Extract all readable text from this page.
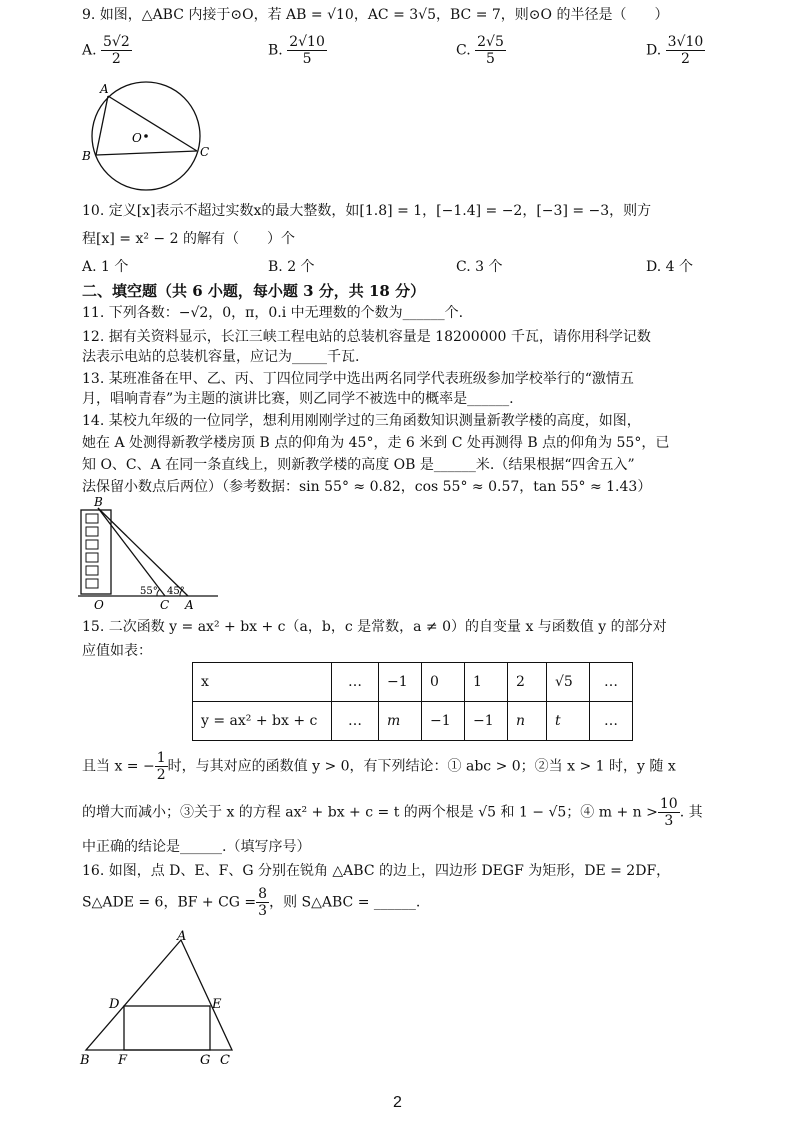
9. 如图，△ABC 内接于⊙O，若 AB = √10，AC = 3√5，BC = 7，则⊙O 的半径是（　　）
A. $\frac{5√2}{2}$	B. $\frac{2√10}{5}$	C. $\frac{2√5}{5}$	D. $\frac{3√10}{2}$
A
B	C
O
10. 定义[x]表示不超过实数x的最大整数，如[1.8] = 1，[−1.4] = −2，[−3] = −3，则方
程[x] = x² − 2 的解有（　　）个
A. 1 个	B. 2 个	C. 3 个	D. 4 个
二、填空题（共 6 小题，每小题 3 分，共 18 分）
11. 下列各数：−√2，0，π，0.i̇ 中无理数的个数为______个.
12. 据有关资料显示，长江三峡工程电站的总装机容量是 18200000 千瓦，请你用科学记数
法表示电站的总装机容量，应记为_____千瓦.
13. 某班准备在甲、乙、丙、丁四位同学中选出两名同学代表班级参加学校举行的“激情五
月，唱响青春”为主题的演讲比赛，则乙同学不被选中的概率是______.
14. 某校九年级的一位同学，想利用刚刚学过的三角函数知识测量新教学楼的高度，如图，
她在 A 处测得新教学楼房顶 B 点的仰角为 45°，走 6 米到 C 处再测得 B 点的仰角为 55°，已
知 O、C、A 在同一条直线上，则新教学楼的高度 OB 是______米.（结果根据“四舍五入”
法保留小数点后两位）（参考数据：sin 55° ≈ 0.82，cos 55° ≈ 0.57，tan 55° ≈ 1.43）
55° 45°
B
O	C A
15. 二次函数 y = ax² + bx + c（a，b，c 是常数，a ≠ 0）的自变量 x 与函数值 y 的部分对
应值如表：
x	…	−1	0	1	2	√5	…
y = ax² + bx + c	…	m	−1	−1	n	t	…
且当 x = − $\frac{1}{2}$ 时，与其对应的函数值 y > 0，有下列结论：① abc > 0；②当 x > 1 时，y 随 x
的增大而减小；③关于 x 的方程 ax² + bx + c = t 的两个根是 √5 和 1 − √5；④ $m + n > \frac{10}{3}$ . 其
中正确的结论是______.（填写序号）
16. 如图，点 D、E、F、G 分别在锐角 △ABC 的边上，四边形 DEGF 为矩形，DE = 2DF，
S△ADE = 6，BF + CG = $\frac{8}{3}$ ，则 S△ABC = ______.
A
B	C
D	E
F	G
2
